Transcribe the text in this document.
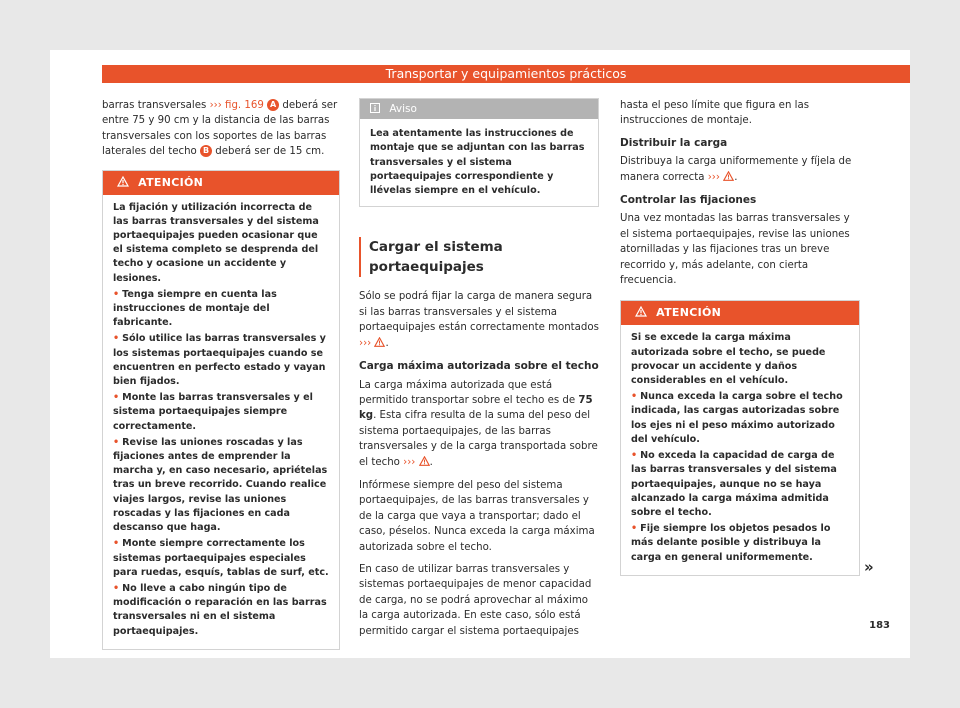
Transportar y equipamientos prácticos

barras transversales ››› fig. 169 A deberá ser entre 75 y 90 cm y la distancia de las barras transversales con los soportes de las barras laterales del techo B deberá ser de 15 cm.

ATENCIÓN

La fijación y utilización incorrecta de las barras transversales y del sistema portaequipajes pueden ocasionar que el sistema completo se desprenda del techo y ocasione un accidente y lesiones.

• Tenga siempre en cuenta las instrucciones de montaje del fabricante.

• Sólo utilice las barras transversales y los sistemas portaequipajes cuando se encuentren en perfecto estado y vayan bien fijados.

• Monte las barras transversales y el sistema portaequipajes siempre correctamente.

• Revise las uniones roscadas y las fijaciones antes de emprender la marcha y, en caso necesario, apriételas tras un breve recorrido. Cuando realice viajes largos, revise las uniones roscadas y las fijaciones en cada descanso que haga.

• Monte siempre correctamente los sistemas portaequipajes especiales para ruedas, esquís, tablas de surf, etc.

• No lleve a cabo ningún tipo de modificación o reparación en las barras transversales ni en el sistema portaequipajes.

Aviso
Lea atentamente las instrucciones de montaje que se adjuntan con las barras transversales y el sistema portaequipajes correspondiente y llévelas siempre en el vehículo.
Cargar el sistema portaequipajes

Sólo se podrá fijar la carga de manera segura si las barras transversales y el sistema portaequipajes están correctamente montados ››› .

Carga máxima autorizada sobre el techo

La carga máxima autorizada que está permitido transportar sobre el techo es de 75 kg. Esta cifra resulta de la suma del peso del sistema portaequipajes, de las barras transversales y de la carga transportada sobre el techo ››› .

Infórmese siempre del peso del sistema portaequipajes, de las barras transversales y de la carga que vaya a transportar; dado el caso, péselos. Nunca exceda la carga máxima autorizada sobre el techo.

En caso de utilizar barras transversales y sistemas portaequipajes de menor capacidad de carga, no se podrá aprovechar al máximo la carga autorizada. En este caso, sólo está permitido cargar el sistema portaequipajes

hasta el peso límite que figura en las instrucciones de montaje.

Distribuir la carga

Distribuya la carga uniformemente y fíjela de manera correcta ››› .

Controlar las fijaciones

Una vez montadas las barras transversales y el sistema portaequipajes, revise las uniones atornilladas y las fijaciones tras un breve recorrido y, más adelante, con cierta frecuencia.

ATENCIÓN

Si se excede la carga máxima autorizada sobre el techo, se puede provocar un accidente y daños considerables en el vehículo.

• Nunca exceda la carga sobre el techo indicada, las cargas autorizadas sobre los ejes ni el peso máximo autorizado del vehículo.

• No exceda la capacidad de carga de las barras transversales y del sistema portaequipajes, aunque no se haya alcanzado la carga máxima admitida sobre el techo.

• Fije siempre los objetos pesados lo más delante posible y distribuya la carga en general uniformemente.

»
183
